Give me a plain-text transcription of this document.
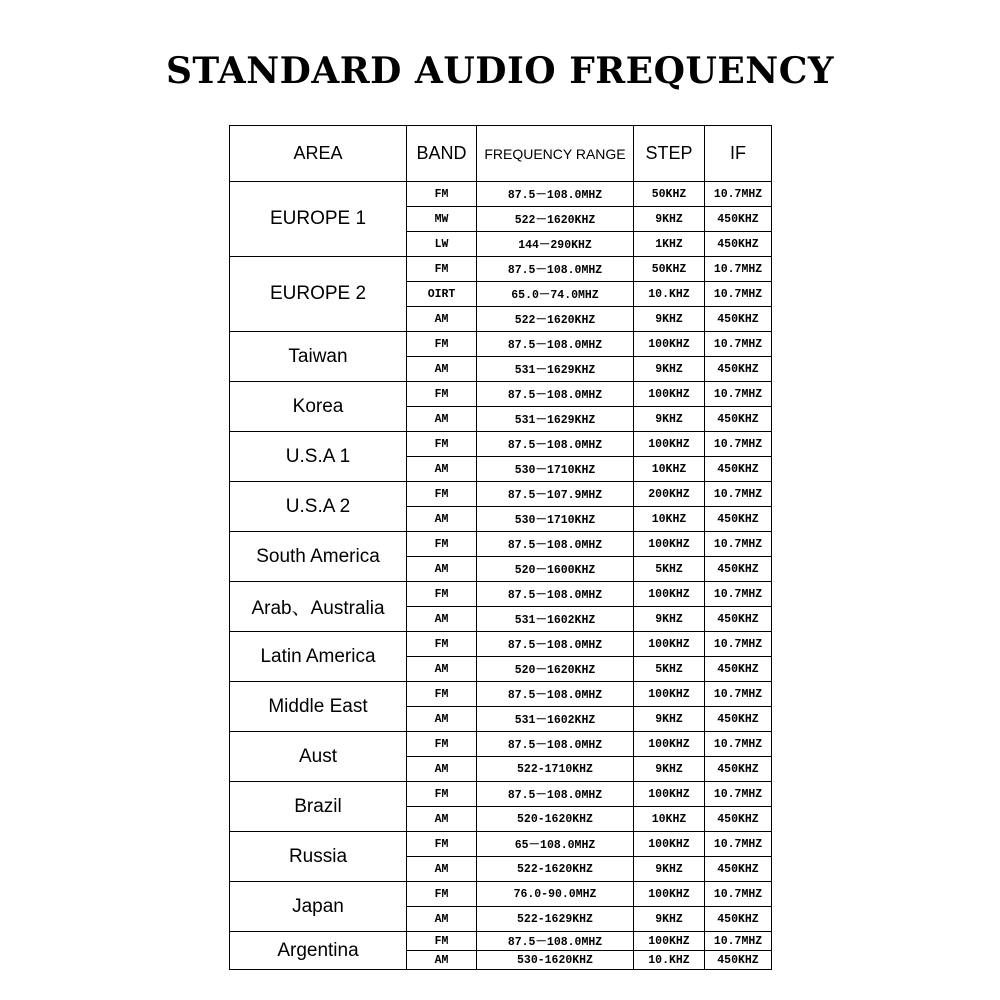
STANDARD AUDIO FREQUENCY
AREA	BAND	FREQUENCY RANGE	STEP	IF
EUROPE 1	FM	87.5－108.0MHZ	50KHZ	10.7MHZ
	MW	522－1620KHZ	9KHZ	450KHZ
	LW	144－290KHZ	1KHZ	450KHZ
EUROPE 2	FM	87.5－108.0MHZ	50KHZ	10.7MHZ
	OIRT	65.0－74.0MHZ	10.KHZ	10.7MHZ
	AM	522－1620KHZ	9KHZ	450KHZ
Taiwan	FM	87.5－108.0MHZ	100KHZ	10.7MHZ
	AM	531－1629KHZ	9KHZ	450KHZ
Korea	FM	87.5－108.0MHZ	100KHZ	10.7MHZ
	AM	531－1629KHZ	9KHZ	450KHZ
U.S.A 1	FM	87.5－108.0MHZ	100KHZ	10.7MHZ
	AM	530－1710KHZ	10KHZ	450KHZ
U.S.A 2	FM	87.5－107.9MHZ	200KHZ	10.7MHZ
	AM	530－1710KHZ	10KHZ	450KHZ
South America	FM	87.5－108.0MHZ	100KHZ	10.7MHZ
	AM	520－1600KHZ	5KHZ	450KHZ
Arab、Australia	FM	87.5－108.0MHZ	100KHZ	10.7MHZ
	AM	531－1602KHZ	9KHZ	450KHZ
Latin America	FM	87.5－108.0MHZ	100KHZ	10.7MHZ
	AM	520－1620KHZ	5KHZ	450KHZ
Middle East	FM	87.5－108.0MHZ	100KHZ	10.7MHZ
	AM	531－1602KHZ	9KHZ	450KHZ
Aust	FM	87.5－108.0MHZ	100KHZ	10.7MHZ
	AM	522-1710KHZ	9KHZ	450KHZ
Brazil	FM	87.5－108.0MHZ	100KHZ	10.7MHZ
	AM	520-1620KHZ	10KHZ	450KHZ
Russia	FM	65－108.0MHZ	100KHZ	10.7MHZ
	AM	522-1620KHZ	9KHZ	450KHZ
Japan	FM	76.0-90.0MHZ	100KHZ	10.7MHZ
	AM	522-1629KHZ	9KHZ	450KHZ
Argentina	FM	87.5－108.0MHZ	100KHZ	10.7MHZ
	AM	530-1620KHZ	10.KHZ	450KHZ
